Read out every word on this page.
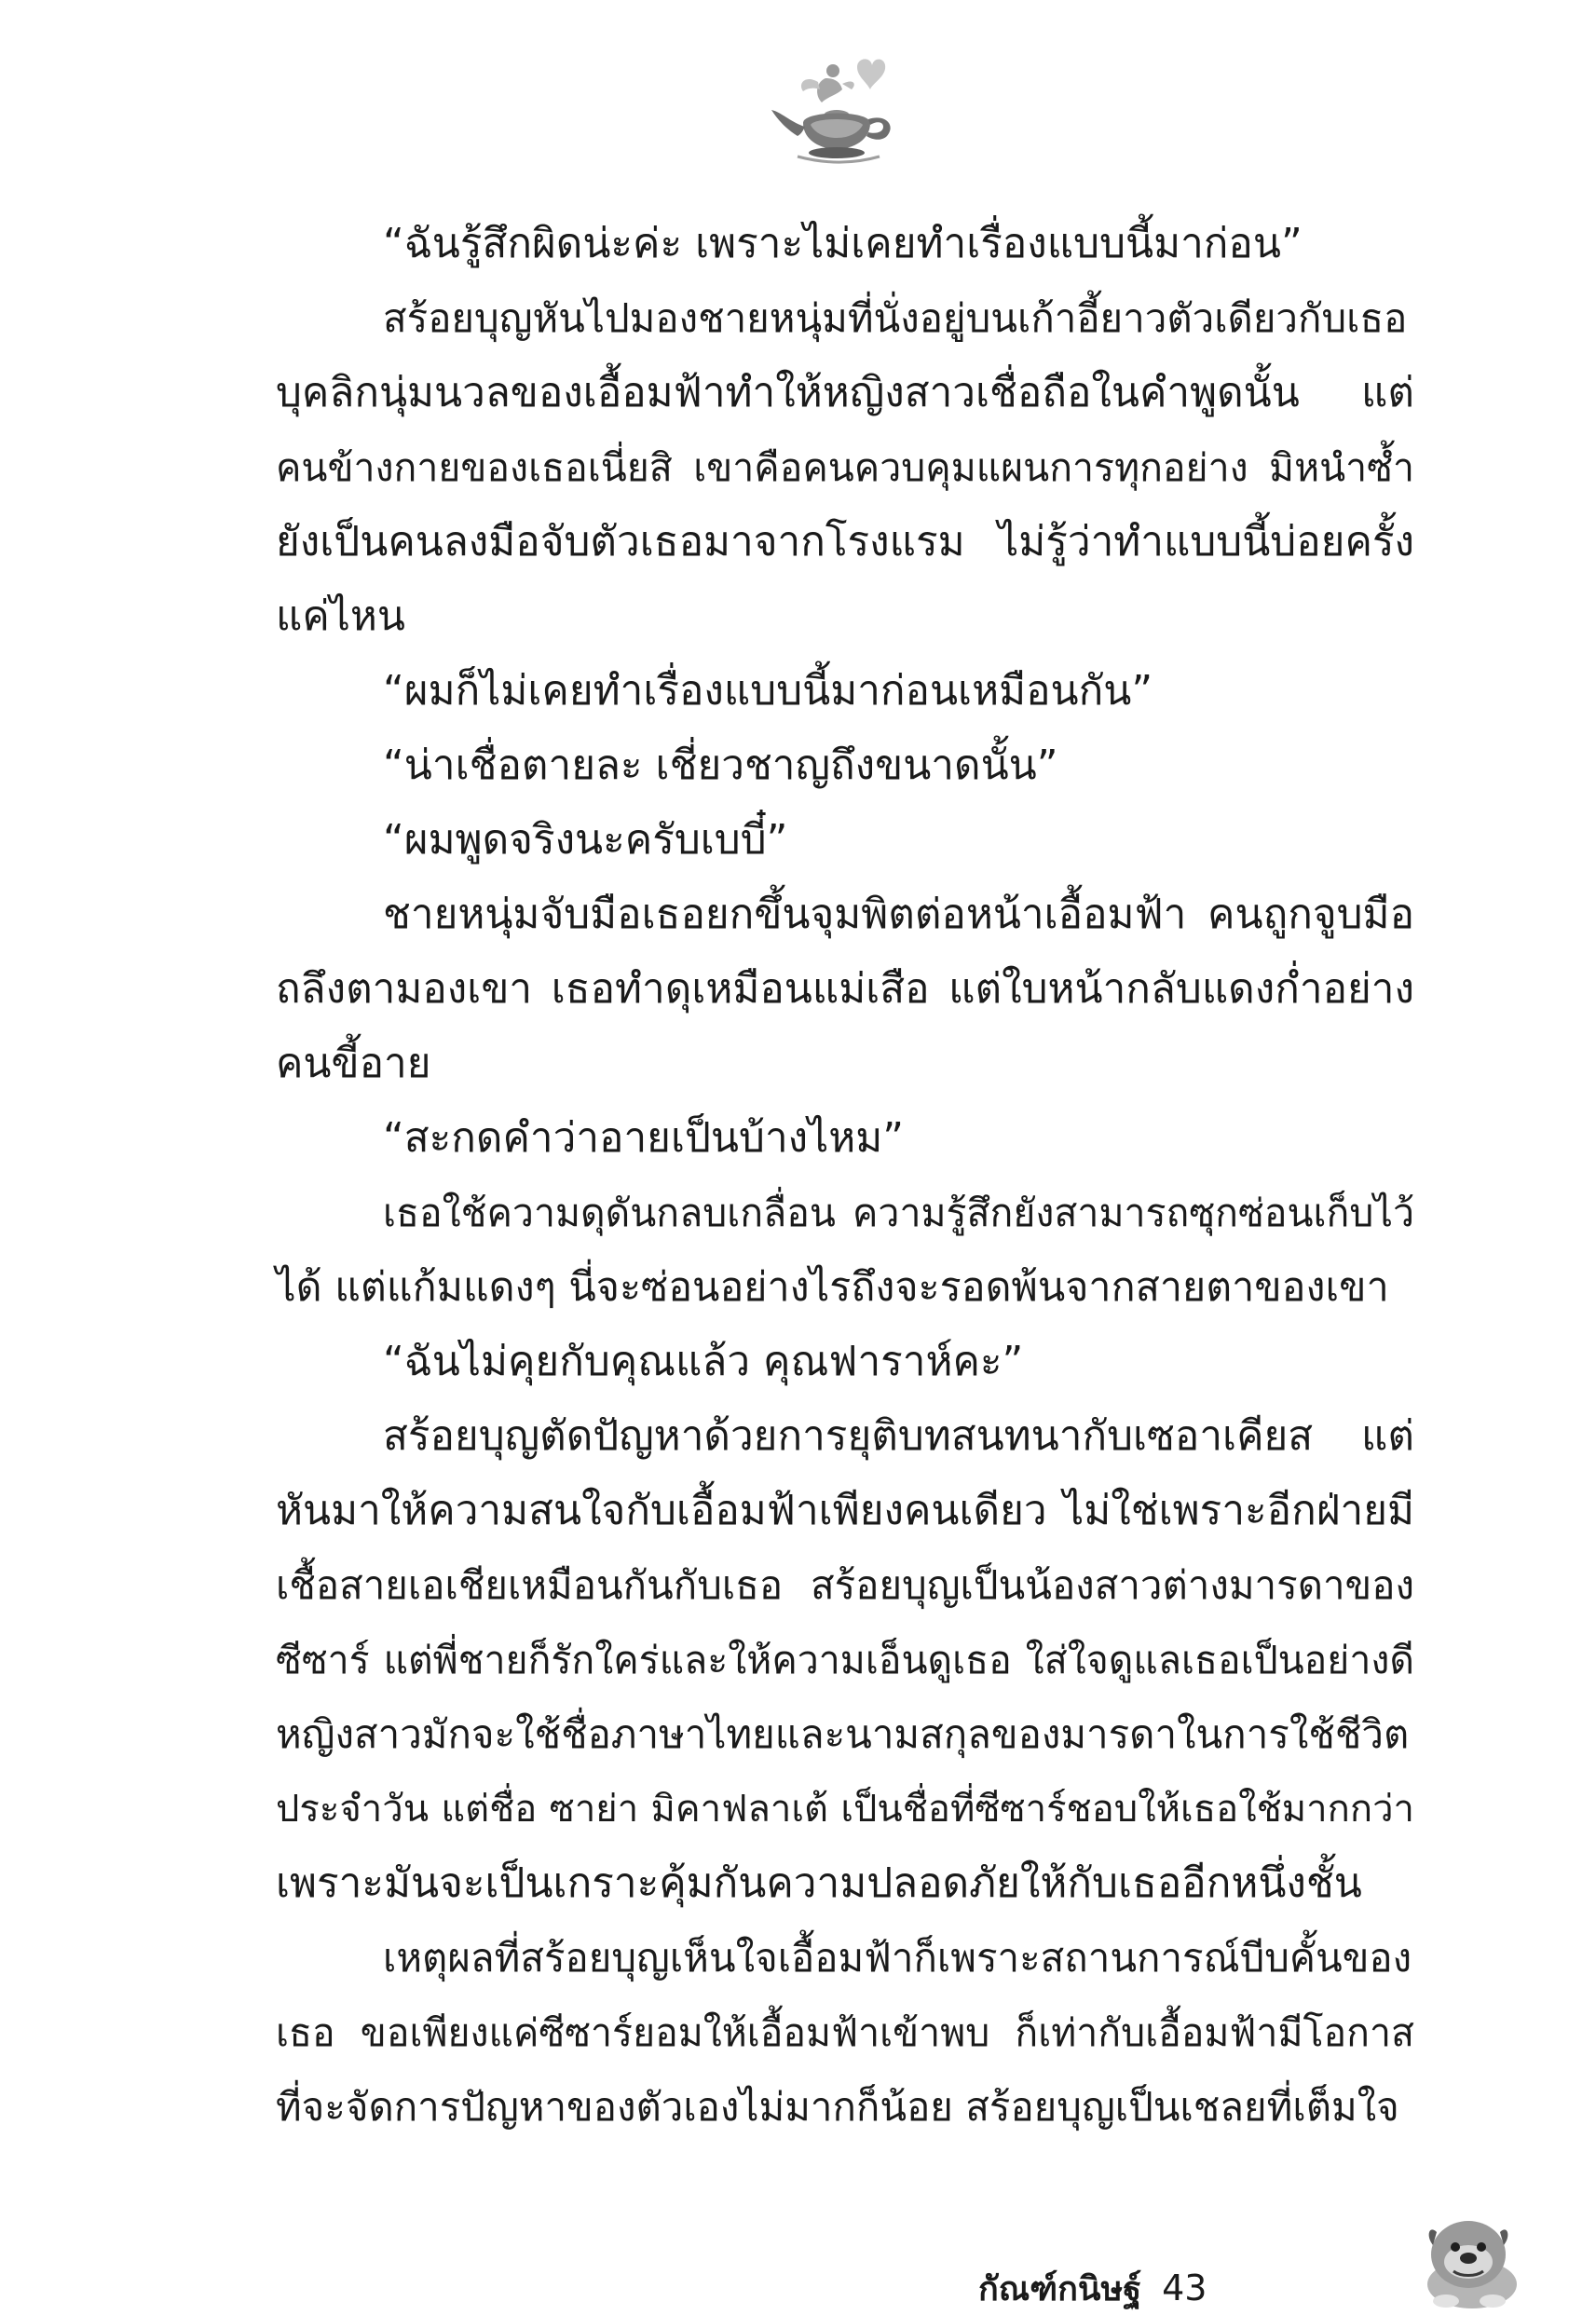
“ฉันรู้สึกผิดน่ะค่ะ เพราะไม่เคยทำเรื่องแบบนี้มาก่อน”
สร้อยบุญหันไปมองชายหนุ่มที่นั่งอยู่บนเก้าอี้ยาวตัวเดียวกับเธอ
บุคลิกนุ่มนวลของเอื้อมฟ้าทำให้หญิงสาวเชื่อถือในคำพูดนั้น แต่
คนข้างกายของเธอเนี่ยสิ เขาคือคนควบคุมแผนการทุกอย่าง มิหนำซ้ำ
ยังเป็นคนลงมือจับตัวเธอมาจากโรงแรม ไม่รู้ว่าทำแบบนี้บ่อยครั้ง
แค่ไหน
“ผมก็ไม่เคยทำเรื่องแบบนี้มาก่อนเหมือนกัน”
“น่าเชื่อตายละ เชี่ยวชาญถึงขนาดนั้น”
“ผมพูดจริงนะครับเบบี๋”
ชายหนุ่มจับมือเธอยกขึ้นจุมพิตต่อหน้าเอื้อมฟ้า คนถูกจูบมือ
ถลึงตามองเขา เธอทำดุเหมือนแม่เสือ แต่ใบหน้ากลับแดงก่ำอย่าง
คนขี้อาย
“สะกดคำว่าอายเป็นบ้างไหม”
เธอใช้ความดุดันกลบเกลื่อน ความรู้สึกยังสามารถซุกซ่อนเก็บไว้
ได้ แต่แก้มแดงๆ นี่จะซ่อนอย่างไรถึงจะรอดพ้นจากสายตาของเขา
“ฉันไม่คุยกับคุณแล้ว คุณฟาราห์คะ”
สร้อยบุญตัดปัญหาด้วยการยุติบทสนทนากับเซอาเคียส แต่
หันมาให้ความสนใจกับเอื้อมฟ้าเพียงคนเดียว ไม่ใช่เพราะอีกฝ่ายมี
เชื้อสายเอเชียเหมือนกันกับเธอ สร้อยบุญเป็นน้องสาวต่างมารดาของ
ซีซาร์ แต่พี่ชายก็รักใคร่และให้ความเอ็นดูเธอ ใส่ใจดูแลเธอเป็นอย่างดี
หญิงสาวมักจะใช้ชื่อภาษาไทยและนามสกุลของมารดาในการใช้ชีวิต
ประจำวัน แต่ชื่อ ซาย่า มิคาฟลาเต้ เป็นชื่อที่ซีซาร์ชอบให้เธอใช้มากกว่า
เพราะมันจะเป็นเกราะคุ้มกันความปลอดภัยให้กับเธออีกหนึ่งชั้น
เหตุผลที่สร้อยบุญเห็นใจเอื้อมฟ้าก็เพราะสถานการณ์บีบคั้นของ
เธอ ขอเพียงแค่ซีซาร์ยอมให้เอื้อมฟ้าเข้าพบ ก็เท่ากับเอื้อมฟ้ามีโอกาส
ที่จะจัดการปัญหาของตัวเองไม่มากก็น้อย สร้อยบุญเป็นเชลยที่เต็มใจ
กัณฑ์กนิษฐ์ 43
